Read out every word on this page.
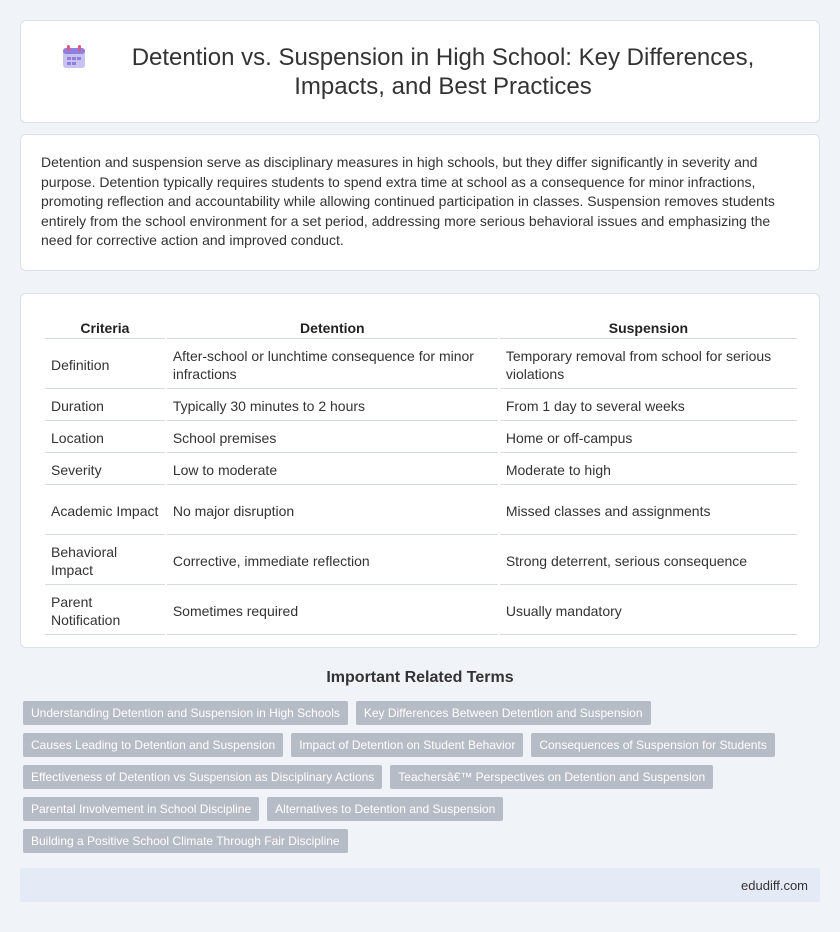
Detention vs. Suspension in High School: Key Differences, Impacts, and Best Practices

Detention and suspension serve as disciplinary measures in high schools, but they differ significantly in severity and purpose. Detention typically requires students to spend extra time at school as a consequence for minor infractions, promoting reflection and accountability while allowing continued participation in classes. Suspension removes students entirely from the school environment for a set period, addressing more serious behavioral issues and emphasizing the need for corrective action and improved conduct.

Criteria	Detention	Suspension
Definition	After-school or lunchtime consequence for minor infractions	Temporary removal from school for serious violations
Duration	Typically 30 minutes to 2 hours	From 1 day to several weeks
Location	School premises	Home or off-campus
Severity	Low to moderate	Moderate to high
Academic Impact	No major disruption	Missed classes and assignments
Behavioral Impact	Corrective, immediate reflection	Strong deterrent, serious consequence
Parent Notification	Sometimes required	Usually mandatory
Important Related Terms
Understanding Detention and Suspension in High Schools	Key Differences Between Detention and Suspension
Causes Leading to Detention and Suspension	Impact of Detention on Student Behavior	Consequences of Suspension for Students
Effectiveness of Detention vs Suspension as Disciplinary Actions	Teachersâ€™ Perspectives on Detention and Suspension
Parental Involvement in School Discipline	Alternatives to Detention and Suspension
Building a Positive School Climate Through Fair Discipline
edudiff.com
